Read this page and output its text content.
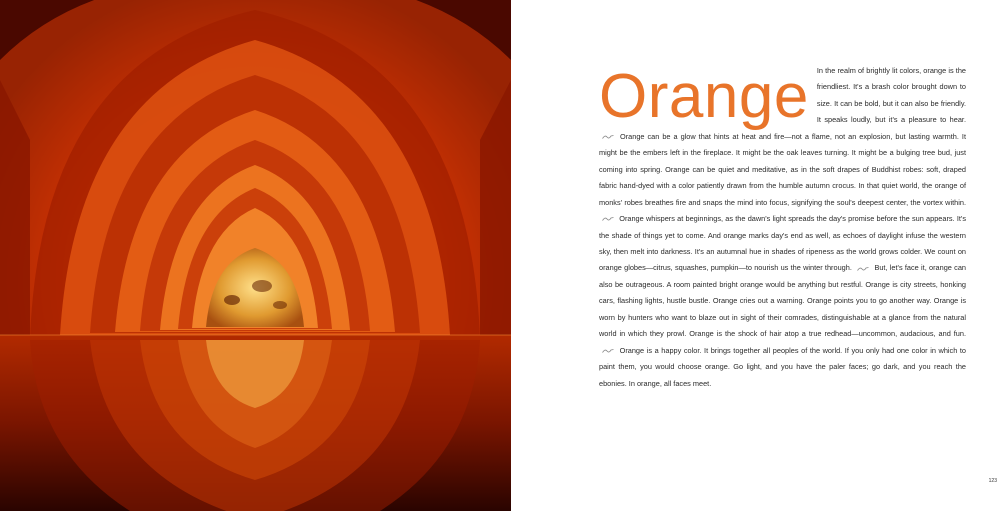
Orange In the realm of brightly lit colors, orange is the friendliest. It's a brash color brought down to size. It can be bold, but it can also be friendly. It speaks loudly, but it's a pleasure to hear.
Orange can be a glow that hints at heat and fire—not a flame, not an explosion, but lasting warmth. It might be the embers left in the fireplace. It might be the oak leaves turning. It might be a bulging tree bud, just coming into spring. Orange can be quiet and meditative, as in the soft drapes of Buddhist robes: soft, draped fabric hand-dyed with a color patiently drawn from the humble autumn crocus. In that quiet world, the orange of monks' robes breathes fire and snaps the mind into focus, signifying the soul's deepest center, the vortex within.
Orange whispers at beginnings, as the dawn's light spreads the day's promise before the sun appears. It's the shade of things yet to come. And orange marks day's end as well, as echoes of daylight infuse the western sky, then melt into darkness. It's an autumnal hue in shades of ripeness as the world grows colder. We count on orange globes—citrus, squashes, pumpkin—to nourish us the winter through.	But, let's face it, orange can also be outrageous. A room painted bright orange would be anything but restful. Orange is city streets, honking cars, flashing lights, hustle bustle. Orange cries out a warning. Orange points you to go another way. Orange is worn by hunters who want to blaze out in sight of their comrades, distinguishable at a glance from the natural world in which they prowl. Orange is the shock of hair atop a true redhead—uncommon, audacious, and fun.
Orange is a happy color. It brings together all peoples of the world. If you only had one color in which to paint them, you would choose orange. Go light, and you have the paler faces; go dark, and you reach the ebonies. In orange, all faces meet.
123
